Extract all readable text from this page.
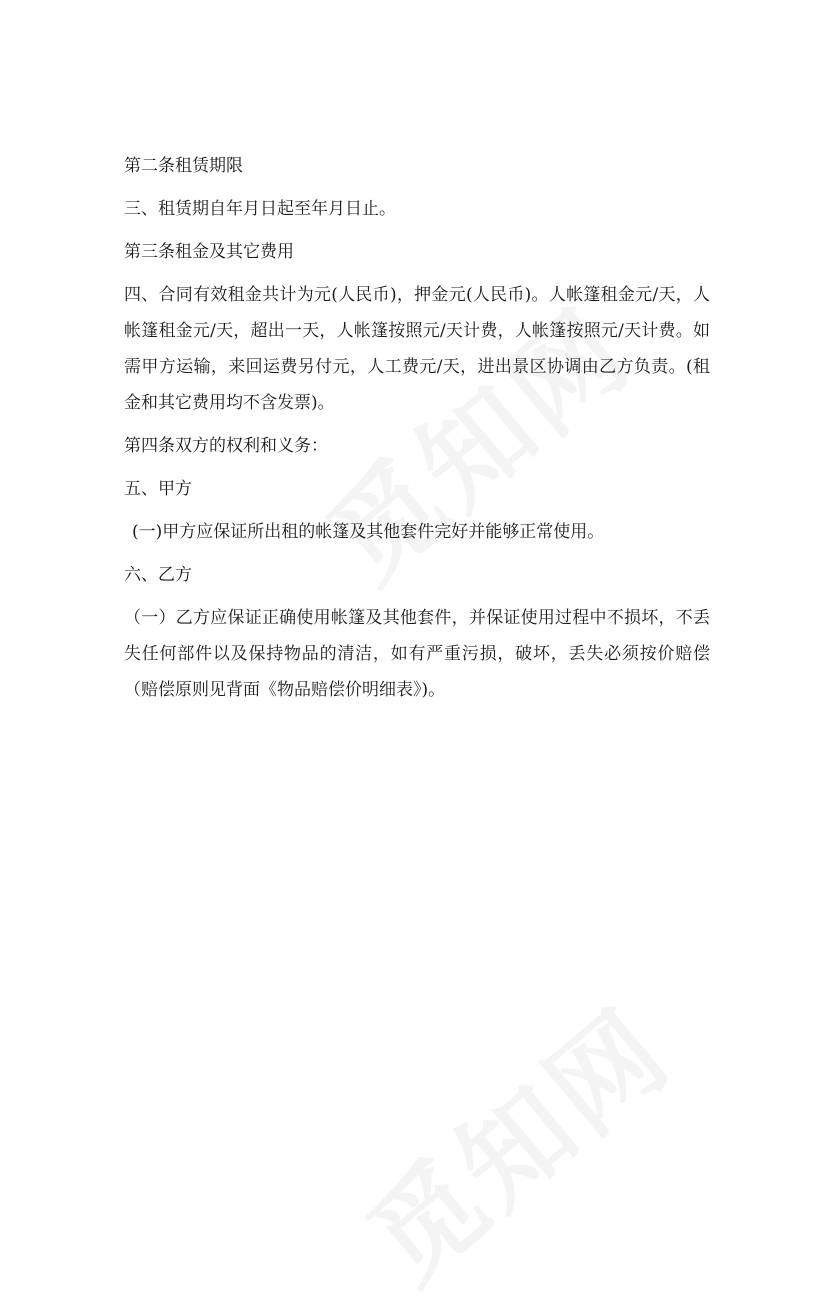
第二条租赁期限

三、租赁期自年月日起至年月日止。

第三条租金及其它费用

四、合同有效租金共计为元(人民币)，押金元(人民币)。人帐篷租金元/天，人帐篷租金元/天，超出一天，人帐篷按照元/天计费，人帐篷按照元/天计费。如需甲方运输，来回运费另付元，人工费元/天，进出景区协调由乙方负责。(租金和其它费用均不含发票)。

第四条双方的权利和义务：

五、甲方

(一)甲方应保证所出租的帐篷及其他套件完好并能够正常使用。

六、乙方

（一）乙方应保证正确使用帐篷及其他套件，并保证使用过程中不损坏，不丢失任何部件以及保持物品的清洁，如有严重污损，破坏，丢失必须按价赔偿（赔偿原则见背面《物品赔偿价明细表》)。
